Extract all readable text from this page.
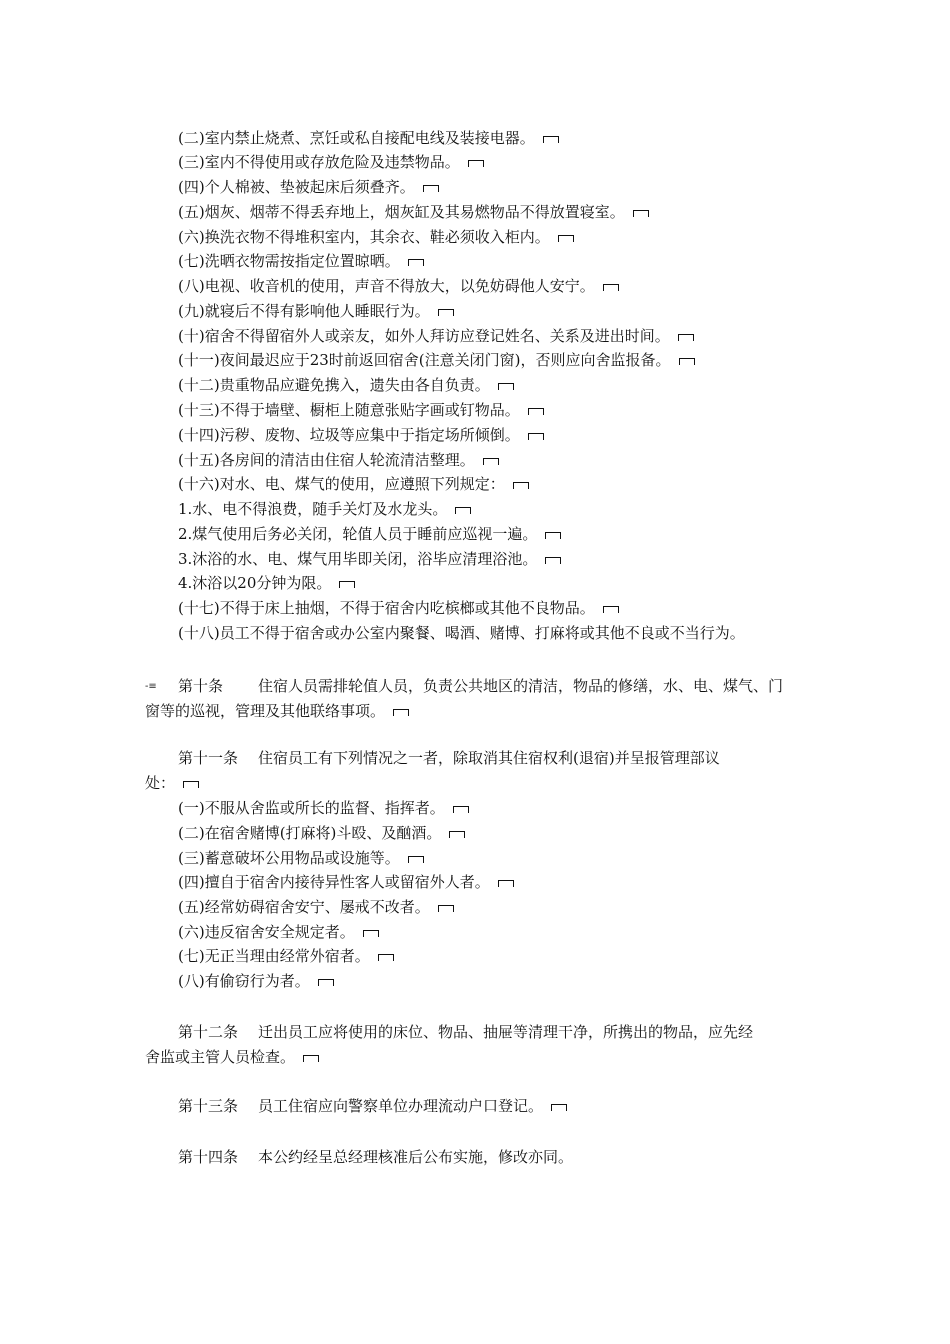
(二)室内禁止烧煮、烹饪或私自接配电线及装接电器。
(三)室内不得使用或存放危险及违禁物品。
(四)个人棉被、垫被起床后须叠齐。
(五)烟灰、烟蒂不得丢弃地上，烟灰缸及其易燃物品不得放置寝室。
(六)换洗衣物不得堆积室内，其余衣、鞋必须收入柜内。
(七)洗晒衣物需按指定位置晾晒。
(八)电视、收音机的使用，声音不得放大，以免妨碍他人安宁。
(九)就寝后不得有影响他人睡眠行为。
(十)宿舍不得留宿外人或亲友，如外人拜访应登记姓名、关系及进出时间。
(十一)夜间最迟应于23时前返回宿舍(注意关闭门窗)，否则应向舍监报备。
(十二)贵重物品应避免携入，遗失由各自负责。
(十三)不得于墙壁、橱柜上随意张贴字画或钉物品。
(十四)污秽、废物、垃圾等应集中于指定场所倾倒。
(十五)各房间的清洁由住宿人轮流清洁整理。
(十六)对水、电、煤气的使用，应遵照下列规定：
1.水、电不得浪费，随手关灯及水龙头。
2.煤气使用后务必关闭，轮值人员于睡前应巡视一遍。
3.沐浴的水、电、煤气用毕即关闭，浴毕应清理浴池。
4.沐浴以20分钟为限。
(十七)不得于床上抽烟，不得于宿舍内吃槟榔或其他不良物品。
(十八)员工不得于宿舍或办公室内聚餐、喝酒、赌博、打麻将或其他不良或不当行为。
-≡ 第十条 住宿人员需排轮值人员，负责公共地区的清洁，物品的修缮，水、电、煤气、门
窗等的巡视，管理及其他联络事项。
第十一条 住宿员工有下列情况之一者，除取消其住宿权利(退宿)并呈报管理部议
处：
(一)不服从舍监或所长的监督、指挥者。
(二)在宿舍赌博(打麻将)斗殴、及酗酒。
(三)蓄意破坏公用物品或设施等。
(四)擅自于宿舍内接待异性客人或留宿外人者。
(五)经常妨碍宿舍安宁、屡戒不改者。
(六)违反宿舍安全规定者。
(七)无正当理由经常外宿者。
(八)有偷窃行为者。
第十二条 迁出员工应将使用的床位、物品、抽屉等清理干净，所携出的物品，应先经
舍监或主管人员检查。
第十三条 员工住宿应向警察单位办理流动户口登记。
第十四条 本公约经呈总经理核准后公布实施，修改亦同。
